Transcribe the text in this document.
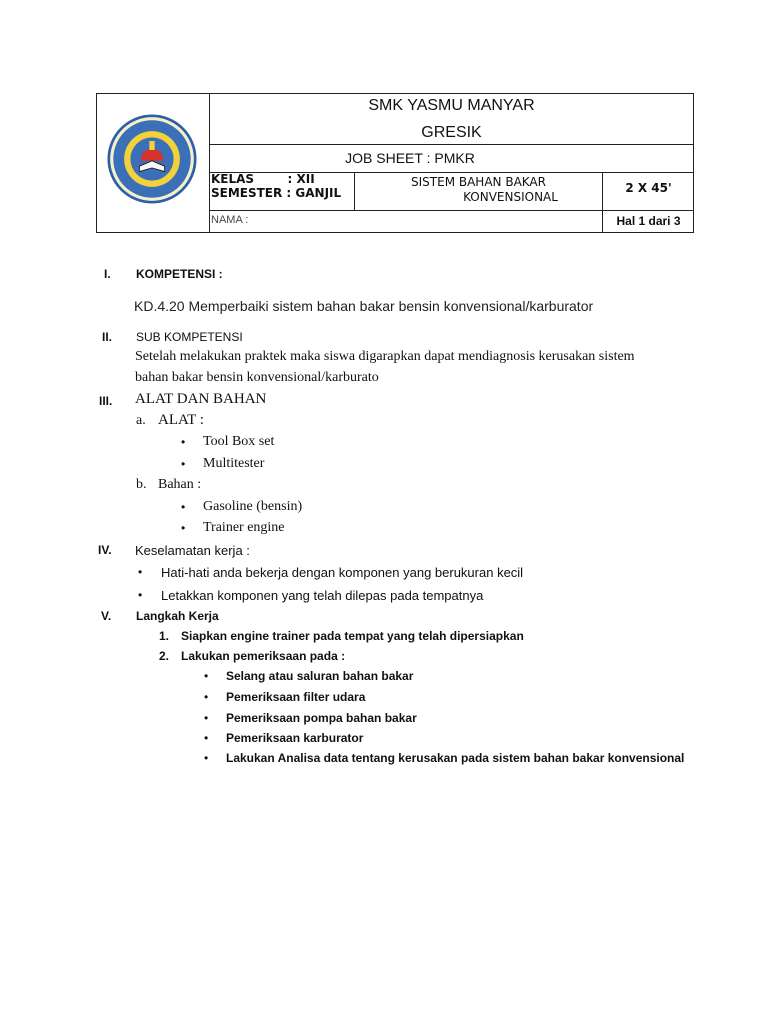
SMK YASMU MANYAR
GRESIK
JOB SHEET : PMKR
KELAS        : XII
SEMESTER : GANJIL
SISTEM BAHAN BAKAR
KONVENSIONAL
2 X 45'
NAMA :	Hal 1 dari 3
I. KOMPETENSI :
KD.4.20 Memperbaiki sistem bahan bakar bensin konvensional/karburator
II. SUB KOMPETENSI
Setelah melakukan praktek maka siswa digarapkan dapat mendiagnosis kerusakan sistem
bahan bakar bensin konvensional/karburato
III. ALAT DAN BAHAN
a. ALAT :
• Tool Box set
• Multitester
b. Bahan :
• Gasoline (bensin)
• Trainer engine
IV. Keselamatan kerja :
• Hati-hati anda bekerja dengan komponen yang berukuran kecil
• Letakkan komponen yang telah dilepas pada tempatnya
V. Langkah Kerja
1. Siapkan engine trainer pada tempat yang telah dipersiapkan
2. Lakukan pemeriksaan pada :
• Selang atau saluran bahan bakar
• Pemeriksaan filter udara
• Pemeriksaan pompa bahan bakar
• Pemeriksaan karburator
• Lakukan Analisa data tentang kerusakan pada sistem bahan bakar konvensional
